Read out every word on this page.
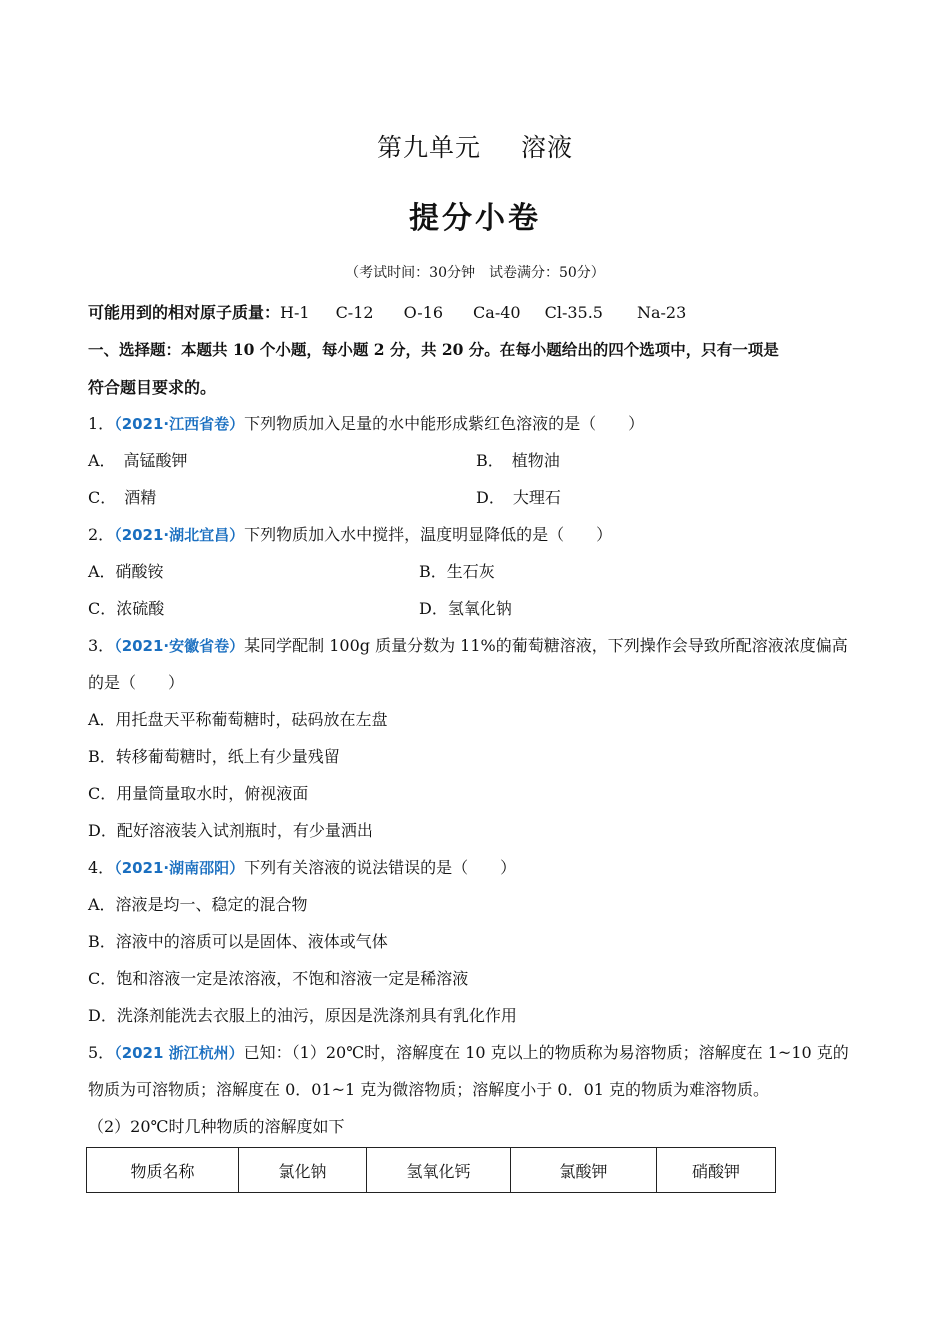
第九单元 溶液
提分小卷
（考试时间：30分钟　试卷满分：50分）
可能用到的相对原子质量：H-1 C-12 O-16 Ca-40 Cl-35.5 Na-23
一、选择题：本题共 10 个小题，每小题 2 分，共 20 分。在每小题给出的四个选项中，只有一项是
符合题目要求的。
1．（2021·江西省卷）下列物质加入足量的水中能形成紫红色溶液的是（　　）
A．　高锰酸钾	B．　植物油
C．　酒精	D．　大理石
2．（2021·湖北宜昌）下列物质加入水中搅拌，温度明显降低的是（　　）
A．硝酸铵	B．生石灰
C．浓硫酸	D．氢氧化钠
3．（2021·安徽省卷）某同学配制 100g 质量分数为 11%的葡萄糖溶液，下列操作会导致所配溶液浓度偏高
的是（　　）
A．用托盘天平称葡萄糖时，砝码放在左盘
B．转移葡萄糖时，纸上有少量残留
C．用量筒量取水时，俯视液面
D．配好溶液装入试剂瓶时，有少量洒出
4．（2021·湖南邵阳）下列有关溶液的说法错误的是（　　）
A．溶液是均一、稳定的混合物
B．溶液中的溶质可以是固体、液体或气体
C．饱和溶液一定是浓溶液，不饱和溶液一定是稀溶液
D．洗涤剂能洗去衣服上的油污，原因是洗涤剂具有乳化作用
5．（2021 浙江杭州）已知：（1）20℃时，溶解度在 10 克以上的物质称为易溶物质；溶解度在 1~10 克的
物质为可溶物质；溶解度在 0．01~1 克为微溶物质；溶解度小于 0．01 克的物质为难溶物质。
（2）20℃时几种物质的溶解度如下
物质名称	氯化钠	氢氧化钙	氯酸钾	硝酸钾
